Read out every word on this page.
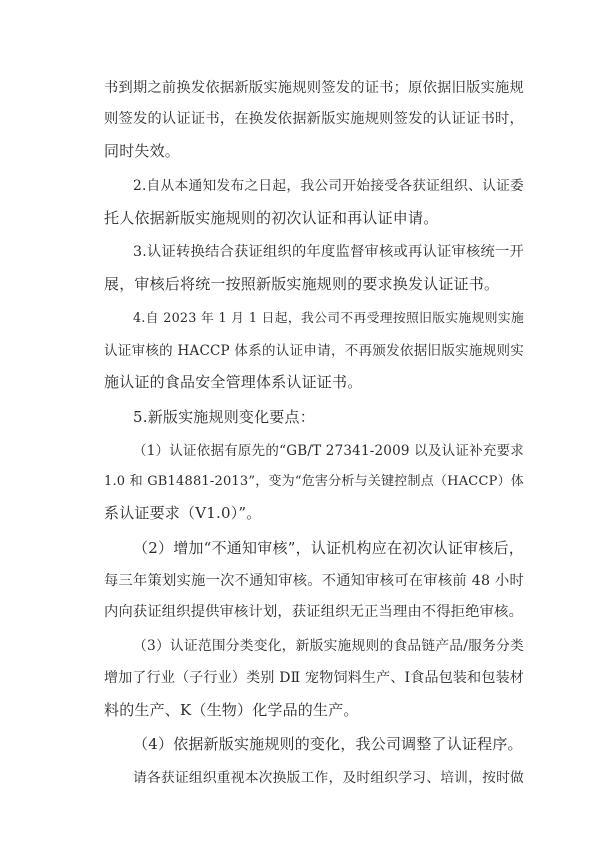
书到期之前换发依据新版实施规则签发的证书；原依据旧版实施规

则签发的认证证书，在换发依据新版实施规则签发的认证证书时，

同时失效。

2.自从本通知发布之日起，我公司开始接受各获证组织、认证委

托人依据新版实施规则的初次认证和再认证申请。

3.认证转换结合获证组织的年度监督审核或再认证审核统一开

展，审核后将统一按照新版实施规则的要求换发认证证书。

4.自 2023 年 1 月 1 日起，我公司不再受理按照旧版实施规则实施

认证审核的 HACCP 体系的认证申请，不再颁发依据旧版实施规则实

施认证的食品安全管理体系认证证书。

5.新版实施规则变化要点：

（1）认证依据有原先的“GB/T 27341-2009 以及认证补充要求

1.0 和 GB14881-2013”，变为“危害分析与关键控制点（HACCP）体

系认证要求（V1.0）”。

（2）增加“不通知审核”，认证机构应在初次认证审核后，

每三年策划实施一次不通知审核。不通知审核可在审核前 48 小时

内向获证组织提供审核计划，获证组织无正当理由不得拒绝审核。

（3）认证范围分类变化，新版实施规则的食品链产品/服务分类

增加了行业（子行业）类别 DⅡ 宠物饲料生产、Ⅰ食品包装和包装材

料的生产、K（生物）化学品的生产。

（4）依据新版实施规则的变化，我公司调整了认证程序。

请各获证组织重视本次换版工作，及时组织学习、培训，按时做
